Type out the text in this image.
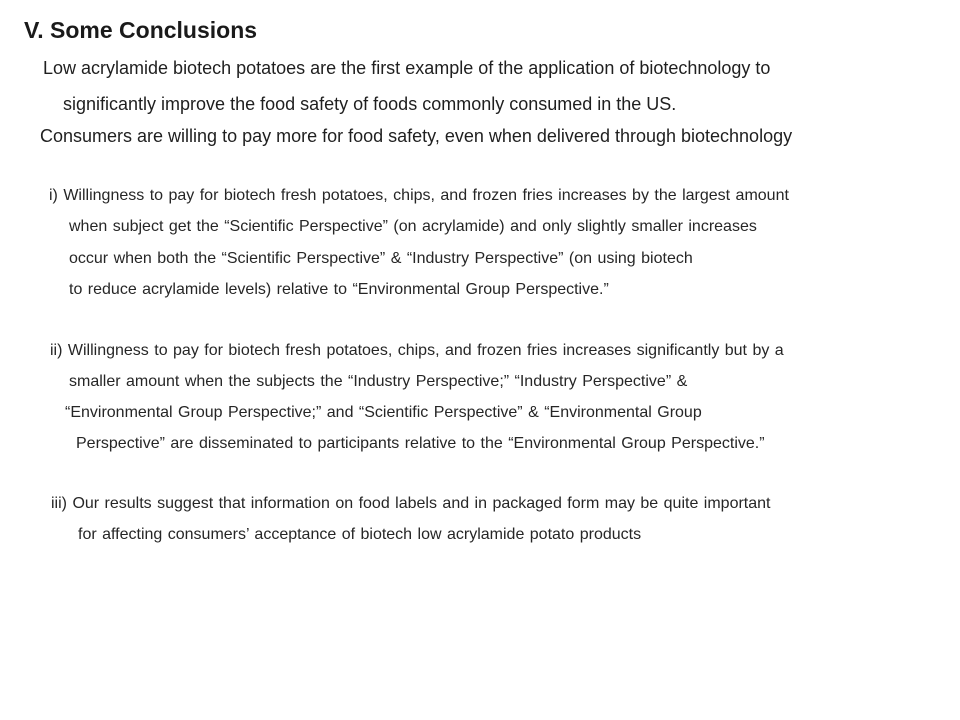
V. Some Conclusions

Low acrylamide biotech potatoes are the first example of the application of biotechnology to

significantly improve the food safety of foods commonly consumed in the US.

Consumers are willing to pay more for food safety, even when delivered through biotechnology

i) Willingness to pay for biotech fresh potatoes, chips, and frozen fries increases by the largest amount

when subject get the “Scientific Perspective” (on acrylamide) and only slightly smaller increases

occur when both the “Scientific Perspective” & “Industry Perspective” (on using biotech

to reduce acrylamide levels) relative to “Environmental Group Perspective.”

ii) Willingness to pay for biotech fresh potatoes, chips, and frozen fries increases significantly but by a

smaller amount when the subjects the “Industry Perspective;” “Industry Perspective” &

“Environmental Group Perspective;” and “Scientific Perspective” & “Environmental Group

Perspective” are disseminated to participants relative to the “Environmental Group Perspective.”

iii) Our results suggest that information on food labels and in packaged form may be quite important

for affecting consumers’ acceptance of biotech low acrylamide potato products
